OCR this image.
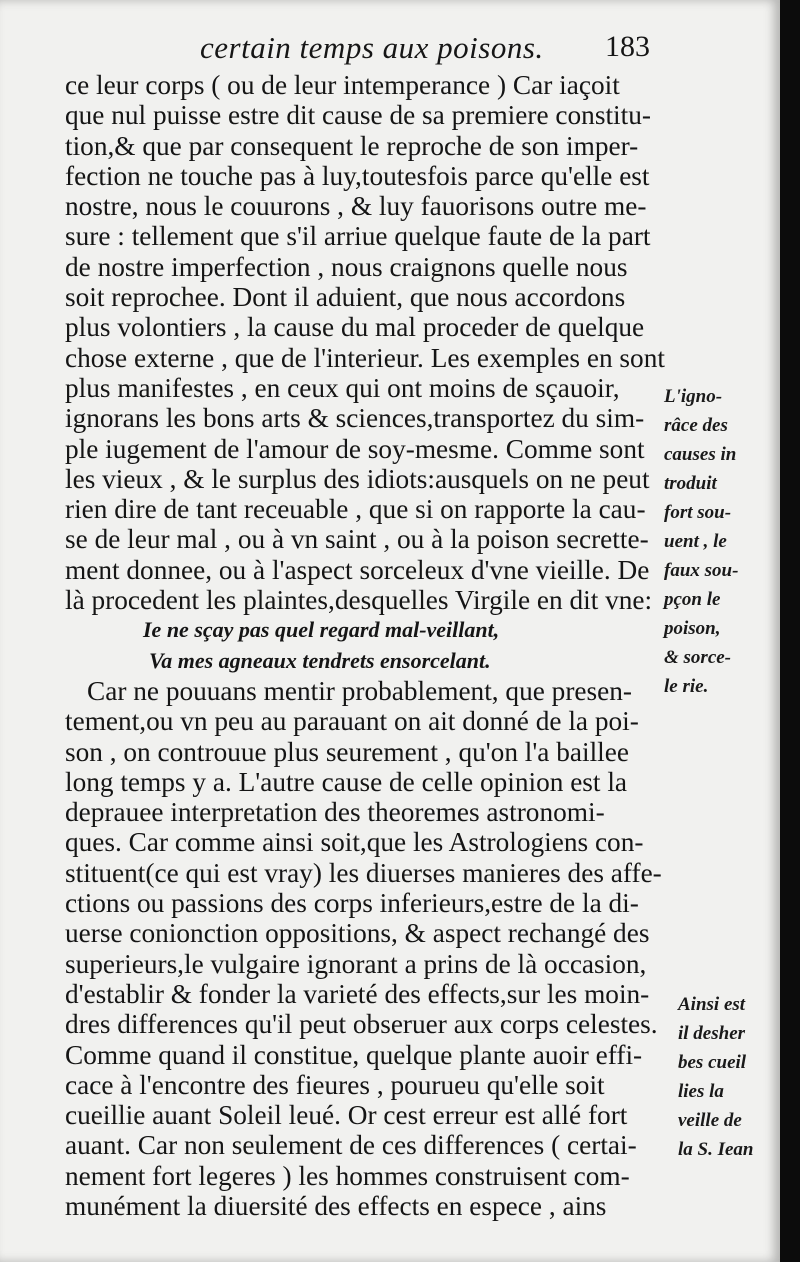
certain temps aux poisons. 183
ce leur corps ( ou de leur intemperance ) Car iaçoit
que nul puisse estre dit cause de sa premiere constitu-
tion,& que par consequent le reproche de son imper-
fection ne touche pas à luy,toutesfois parce qu'elle est
nostre, nous le couurons , & luy fauorisons outre me-
sure : tellement que s'il arriue quelque faute de la part
de nostre imperfection , nous craignons quelle nous
soit reprochee. Dont il aduient, que nous accordons
plus volontiers , la cause du mal proceder de quelque
chose externe , que de l'interieur. Les exemples en sont
plus manifestes , en ceux qui ont moins de sçauoir,
ignorans les bons arts & sciences,transportez du sim-
ple iugement de l'amour de soy-mesme. Comme sont
les vieux , & le surplus des idiots:ausquels on ne peut
rien dire de tant receuable , que si on rapporte la cau-
se de leur mal , ou à vn saint , ou à la poison secrette-
ment donnee, ou à l'aspect sorceleux d'vne vieille. De
là procedent les plaintes,desquelles Virgile en dit vne:
Ie ne sçay pas quel regard mal-veillant,
Va mes agneaux tendrets ensorcelant.
Car ne pouuans mentir probablement, que presen-
tement,ou vn peu au parauant on ait donné de la poi-
son , on controuue plus seurement , qu'on l'a baillee
long temps y a. L'autre cause de celle opinion est la
deprauee interpretation des theoremes astronomi-
ques. Car comme ainsi soit,que les Astrologiens con-
stituent(ce qui est vray) les diuerses manieres des affe-
ctions ou passions des corps inferieurs,estre de la di-
uerse conionction oppositions, & aspect rechangé des
superieurs,le vulgaire ignorant a prins de là occasion,
d'establir & fonder la varieté des effects,sur les moin-
dres differences qu'il peut obseruer aux corps celestes.
Comme quand il constitue, quelque plante auoir effi-
cace à l'encontre des fieures , pourueu qu'elle soit
cueillie auant Soleil leué. Or cest erreur est allé fort
auant. Car non seulement de ces differences ( certai-
nement fort legeres ) les hommes construisent com-
munément la diuersité des effects en espece , ains
L'igno-
râce des
causes in
troduit
fort sou-
uent , le
faux sou-
pçon le
poison,
& sorce-
le rie.
Ainsi est
il desher
bes cueil
lies la
veille de
la S. Iean
